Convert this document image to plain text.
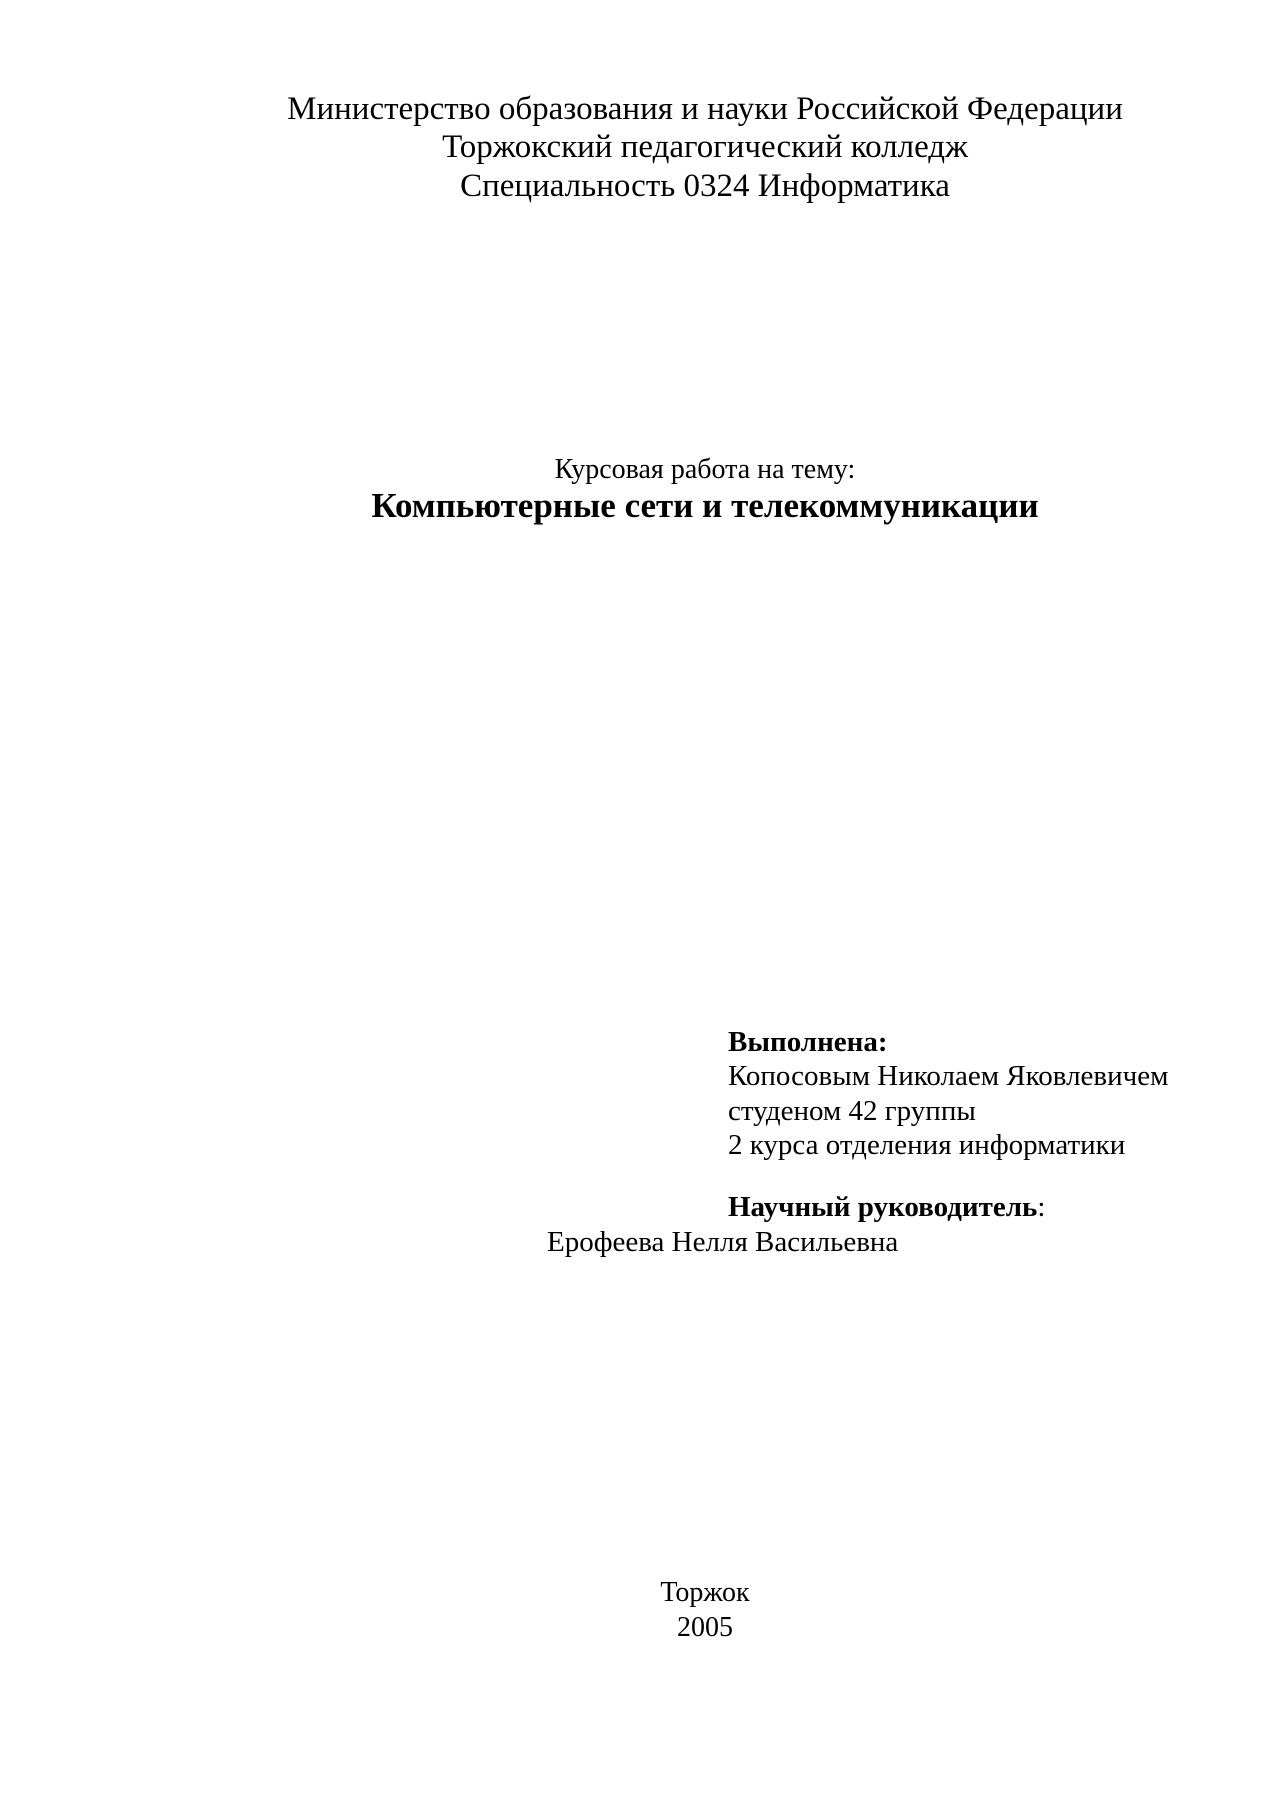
Министерство образования и науки Российской Федерации
Торжокский педагогический колледж
Специальность 0324 Информатика
Курсовая работа на тему:
Компьютерные сети и телекоммуникации
Выполнена:
Копосовым Николаем Яковлевичем
студеном 42 группы
2 курса отделения информатики
Научный руководитель:
Ерофеева Нелля Васильевна
Торжок
2005
